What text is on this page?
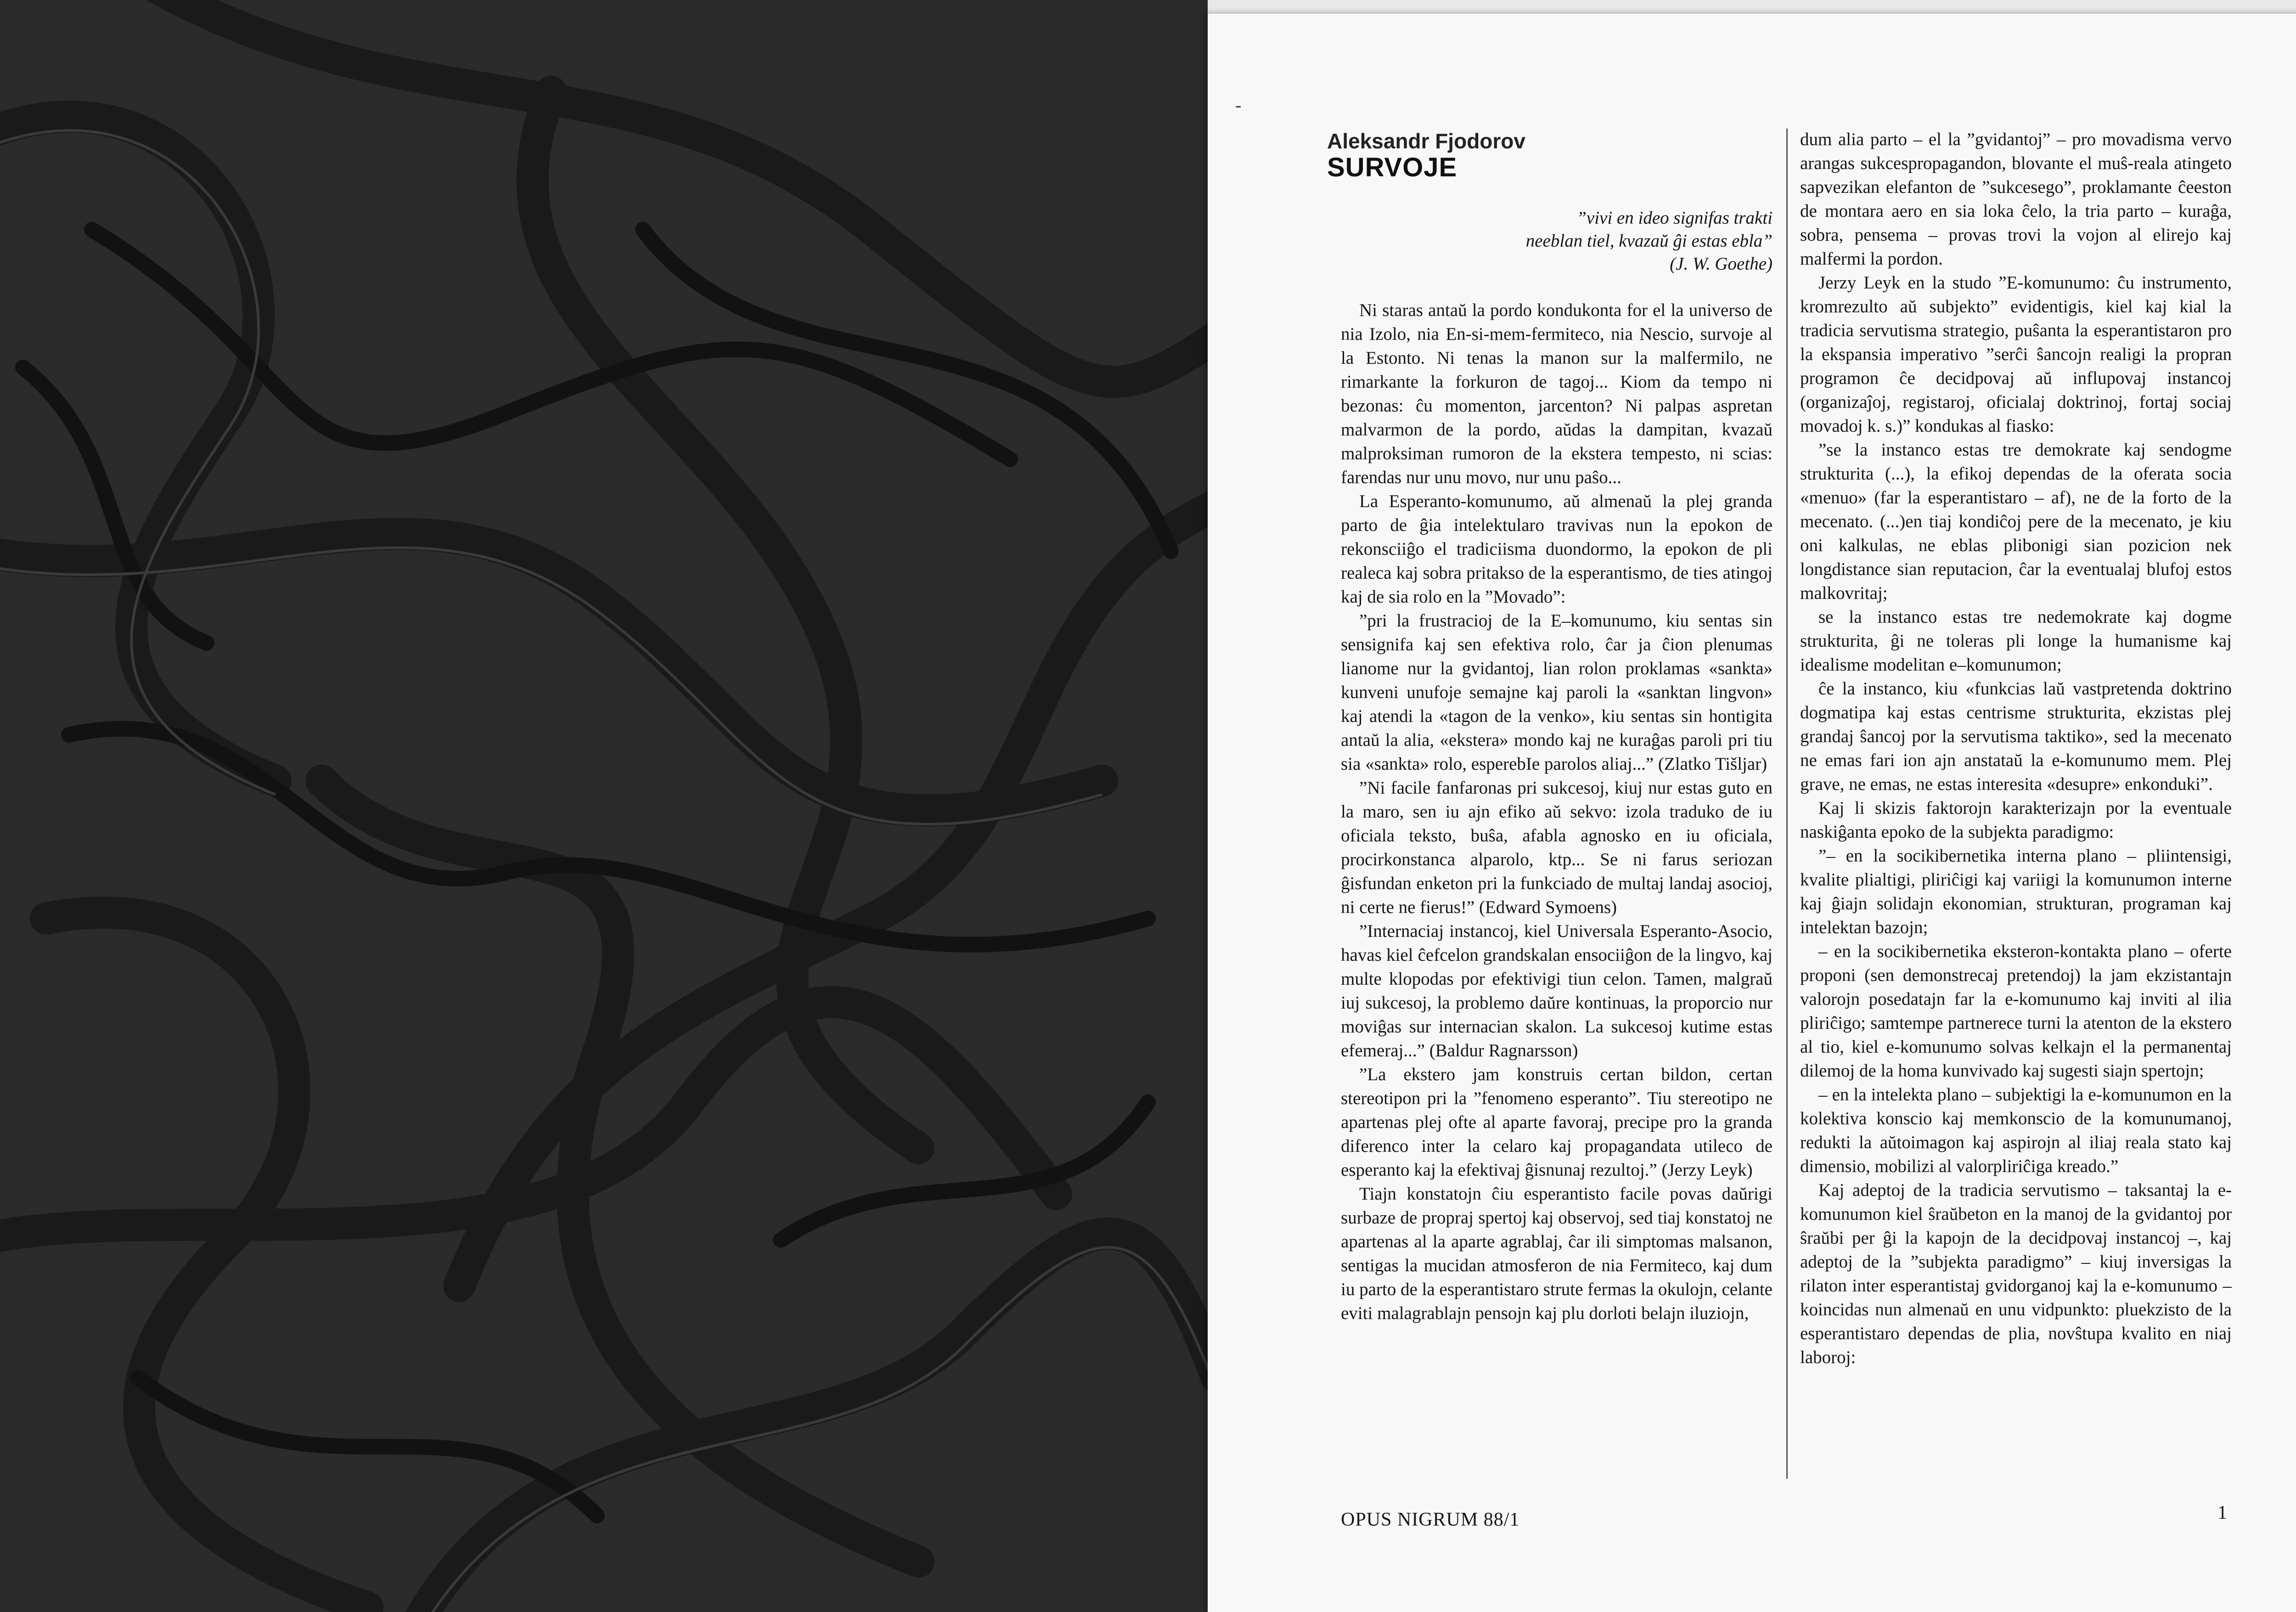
-
Aleksandr Fjodorov
SURVOJE
”vivi en ideo signifas trakti
neeblan tiel, kvazaŭ ĝi estas ebla”
(J. W. Goethe)

Ni staras antaŭ la pordo kondukonta for el la universo de nia Izolo, nia En-si-mem-fermiteco, nia Nescio, survoje al la Estonto. Ni tenas la manon sur la malfermilo, ne rimarkante la forkuron de tagoj... Kiom da tempo ni bezonas: ĉu momenton, jarcenton? Ni palpas aspretan malvarmon de la pordo, aŭdas la dampitan, kvazaŭ malproksiman rumoron de la ekstera tempesto, ni scias: farendas nur unu movo, nur unu paŝo...

La Esperanto-komunumo, aŭ almenaŭ la plej granda parto de ĝia intelektularo travivas nun la epokon de rekonsciiĝo el tradiciisma duondormo, la epokon de pli realeca kaj sobra pritakso de la esperantismo, de ties atingoj kaj de sia rolo en la ”Movado”:

”pri la frustracioj de la E–komunumo, kiu sentas sin sensignifa kaj sen efektiva rolo, ĉar ja ĉion plenumas lianome nur la gvidantoj, lian rolon proklamas «sankta» kunveni unufoje semajne kaj paroli la «sanktan lingvon» kaj atendi la «tagon de la venko», kiu sentas sin hontigita antaŭ la alia, «ekstera» mondo kaj ne kuraĝas paroli pri tiu sia «sankta» rolo, esperebIe parolos aliaj...” (Zlatko Tišljar)

”Ni facile fanfaronas pri sukcesoj, kiuj nur estas guto en la maro, sen iu ajn efiko aŭ sekvo: izola traduko de iu oficiala teksto, buŝa, afabla agnosko en iu oficiala, procirkonstanca alparolo, ktp... Se ni farus seriozan ĝisfundan enketon pri la funkciado de multaj landaj asocioj, ni certe ne fierus!” (Edward Symoens)

”Internaciaj instancoj, kiel Universala Esperanto-Asocio, havas kiel ĉefcelon grandskalan ensociiĝon de la lingvo, kaj multe klopodas por efektivigi tiun celon. Tamen, malgraŭ iuj sukcesoj, la problemo daŭre kontinuas, la proporcio nur moviĝas sur internacian skalon. La sukcesoj kutime estas efemeraj...” (Baldur Ragnarsson)

”La ekstero jam konstruis certan bildon, certan stereotipon pri la ”fenomeno esperanto”. Tiu stereotipo ne apartenas plej ofte al aparte favoraj, precipe pro la granda diferenco inter la celaro kaj propagandata utileco de esperanto kaj la efektivaj ĝisnunaj rezultoj.” (Jerzy Leyk)

Tiajn konstatojn ĉiu esperantisto facile povas daŭrigi surbaze de propraj spertoj kaj observoj, sed tiaj konstatoj ne apartenas al la aparte agrablaj, ĉar ili simptomas malsanon, sentigas la mucidan atmosferon de nia Fermiteco, kaj dum iu parto de la esperantistaro strute fermas la okulojn, celante eviti malagrablajn pensojn kaj plu dorloti belajn iluziojn,

dum alia parto – el la ”gvidantoj” – pro movadisma vervo arangas sukcespropagandon, blovante el muŝ-reala atingeto sapvezikan elefanton de ”sukcesego”, proklamante ĉeeston de montara aero en sia loka ĉelo, la tria parto – kuraĝa, sobra, pensema – provas trovi la vojon al elirejo kaj malfermi la pordon.

Jerzy Leyk en la studo ”E-komunumo: ĉu instrumento, kromrezulto aŭ subjekto” evidentigis, kiel kaj kial la tradicia servutisma strategio, puŝanta la esperantistaron pro la ekspansia imperativo ”serĉi ŝancojn realigi la propran programon ĉe decidpovaj aŭ influpovaj instancoj (organizaĵoj, registaroj, oficialaj doktrinoj, fortaj sociaj movadoj k. s.)” kondukas al fiasko:

”se la instanco estas tre demokrate kaj sendogme strukturita (...), la efikoj dependas de la oferata socia «menuo» (far la esperantistaro – af), ne de la forto de la mecenato. (...)en tiaj kondiĉoj pere de la mecenato, je kiu oni kalkulas, ne eblas plibonigi sian pozicion nek longdistance sian reputacion, ĉar la eventualaj blufoj estos malkovritaj;

se la instanco estas tre nedemokrate kaj dogme strukturita, ĝi ne toleras pli longe la humanisme kaj idealisme modelitan e–komunumon;

ĉe la instanco, kiu «funkcias laŭ vastpretenda doktrino dogmatipa kaj estas centrisme strukturita, ekzistas plej grandaj ŝancoj por la servutisma taktiko», sed la mecenato ne emas fari ion ajn anstataŭ la e-komunumo mem. Plej grave, ne emas, ne estas interesita «desupre» enkonduki”.

Kaj li skizis faktorojn karakterizajn por la eventuale naskiĝanta epoko de la subjekta paradigmo:

”– en la socikibernetika interna plano – pliintensigi, kvalite plialtigi, pliriĉigi kaj variigi la komunumon interne kaj ĝiajn solidajn ekonomian, strukturan, programan kaj intelektan bazojn;

– en la socikibernetika eksteron-kontakta plano – oferte proponi (sen demonstrecaj pretendoj) la jam ekzistantajn valorojn posedatajn far la e-komunumo kaj inviti al ilia pliriĉigo; samtempe partnerece turni la atenton de la ekstero al tio, kiel e-komunumo solvas kelkajn el la permanentaj dilemoj de la homa kunvivado kaj sugesti siajn spertojn;

– en la intelekta plano – subjektigi la e-komunumon en la kolektiva konscio kaj memkonscio de la komunumanoj, redukti la aŭtoimagon kaj aspirojn al iliaj reala stato kaj dimensio, mobilizi al valorpliriĉiga kreado.”

Kaj adeptoj de la tradicia servutismo – taksantaj la e-komunumon kiel ŝraŭbeton en la manoj de la gvidantoj por ŝraŭbi per ĝi la kapojn de la decidpovaj instancoj –, kaj adeptoj de la ”subjekta paradigmo” – kiuj inversigas la rilaton inter esperantistaj gvidorganoj kaj la e-komunumo – koincidas nun almenaŭ en unu vidpunkto: pluekzisto de la esperantistaro dependas de plia, novŝtupa kvalito en niaj laboroj:

OPUS NIGRUM 88/1	1
